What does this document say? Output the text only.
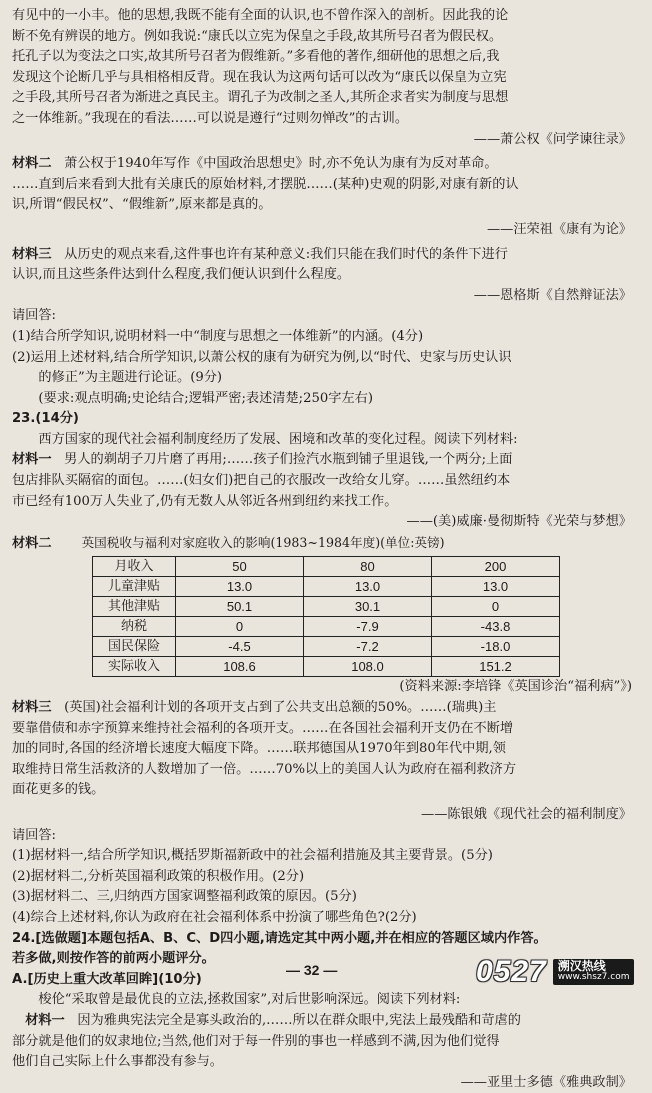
有见中的一小丰。他的思想,我既不能有全面的认识,也不曾作深入的剖析。因此我的论

断不免有辨误的地方。例如我说:“康氏以立宪为保皇之手段,故其所号召者为假民权。

托孔子以为变法之口实,故其所号召者为假维新。”多看他的著作,细研他的思想之后,我

发现这个论断几乎与具相格相反背。现在我认为这两句话可以改为“康氏以保皇为立宪

之手段,其所号召者为渐进之真民主。谓孔子为改制之圣人,其所企求者实为制度与思想

之一体维新。”我现在的看法……可以说是遵行“过则勿惮改”的古训。

——萧公权《问学谏往录》

材料二 萧公权于1940年写作《中国政治思想史》时,亦不免认为康有为反对革命。

……直到后来看到大批有关康氏的原始材料,才摆脱……(某种)史观的阴影,对康有新的认

识,所谓“假民权”、“假维新”,原来都是真的。

——汪荣祖《康有为论》

材料三 从历史的观点来看,这件事也许有某种意义:我们只能在我们时代的条件下进行

认识,而且这些条件达到什么程度,我们便认识到什么程度。

——恩格斯《自然辩证法》

请回答:

(1)结合所学知识,说明材料一中“制度与思想之一体维新”的内涵。(4分)

(2)运用上述材料,结合所学知识,以萧公权的康有为研究为例,以“时代、史家与历史认识

的修正”为主题进行论证。(9分)

(要求:观点明确;史论结合;逻辑严密;表述清楚;250字左右)

23.(14分)

西方国家的现代社会福利制度经历了发展、困境和改革的变化过程。阅读下列材料:

材料一 男人的剃胡子刀片磨了再用;……孩子们捡汽水瓶到铺子里退钱,一个两分;上面

包店排队买隔宿的面包。……(妇女们)把自己的衣服改一改给女儿穿。……虽然纽约本

市已经有100万人失业了,仍有无数人从邻近各州到纽约来找工作。

——(美)威廉·曼彻斯特《光荣与梦想》

材料二 英国税收与福利对家庭收入的影响(1983~1984年度)(单位:英镑)

月收入	50	80	200
儿童津贴	13.0	13.0	13.0
其他津贴	50.1	30.1	0
纳税	0	-7.9	-43.8
国民保险	-4.5	-7.2	-18.0
实际收入	108.6	108.0	151.2

(资料来源:李培锋《英国诊治“福利病”》)

材料三 (英国)社会福利计划的各项开支占到了公共支出总额的50%。……(瑞典)主

要靠借债和赤字预算来维持社会福利的各项开支。……在各国社会福利开支仍在不断增

加的同时,各国的经济增长速度大幅度下降。……联邦德国从1970年到80年代中期,领

取维持日常生活救济的人数增加了一倍。……70%以上的美国人认为政府在福利救济方

面花更多的钱。

——陈银娥《现代社会的福利制度》

请回答:

(1)据材料一,结合所学知识,概括罗斯福新政中的社会福利措施及其主要背景。(5分)

(2)据材料二,分析英国福利政策的积极作用。(2分)

(3)据材料二、三,归纳西方国家调整福利政策的原因。(5分)

(4)综合上述材料,你认为政府在社会福利体系中扮演了哪些角色?(2分)

24.[选做题]本题包括A、B、C、D四小题,请选定其中两小题,并在相应的答题区域内作答。

若多做,则按作答的前两小题评分。

A.[历史上重大改革回眸](10分)

梭伦“采取曾是最优良的立法,拯救国家”,对后世影响深远。阅读下列材料:

材料一 因为雅典宪法完全是寡头政治的,……所以在群众眼中,宪法上最残酷和苛虐的

部分就是他们的奴隶地位;当然,他们对于每一件别的事也一样感到不满,因为他们觉得

他们自己实际上什么事都没有参与。

——亚里士多德《雅典政制》

— 32 —	0527 溯汉热线
www.shsz7.com
